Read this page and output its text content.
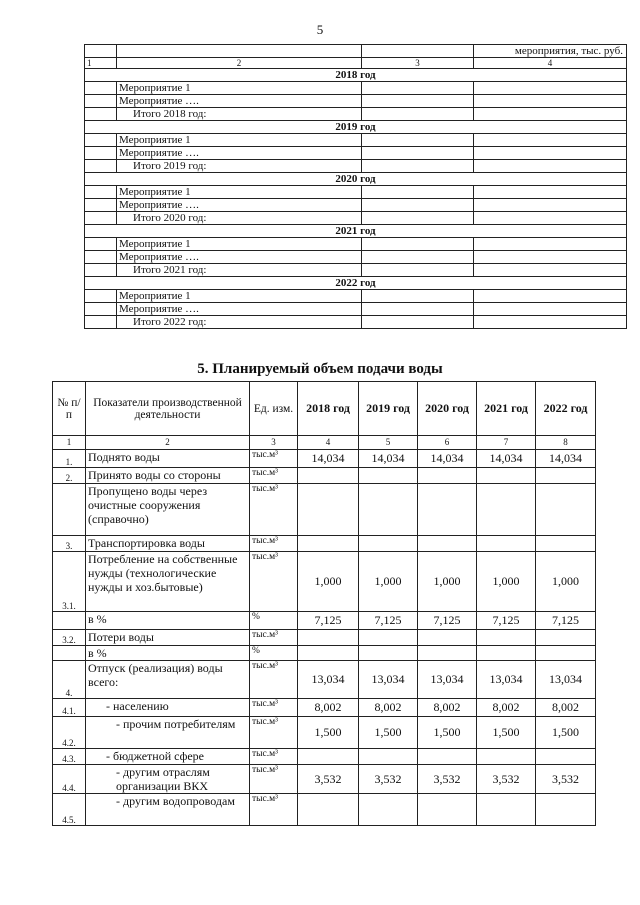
5
			мероприятия, тыс. руб.
1	2	3	4
2018 год			
	Мероприятие 1		
	Мероприятие ….		
	Итого 2018 год:		
2019 год			
	Мероприятие 1		
	Мероприятие ….		
	Итого 2019 год:		
2020 год			
	Мероприятие 1		
	Мероприятие ….		
	Итого 2020 год:		
2021 год			
	Мероприятие 1		
	Мероприятие ….		
	Итого 2021 год:		
2022 год			
	Мероприятие 1		
	Мероприятие ….		
	Итого 2022 год:		
5. Планируемый объем подачи воды
№ п/п	Показатели производственной деятельности	Ед. изм.	2018 год	2019 год	2020 год	2021 год	2022 год
1	2	3	4	5	6	7	8
1.	Поднято воды	тыс.м³	14,034	14,034	14,034	14,034	14,034
2.	Принято воды со стороны	тыс.м³					
	Пропущено воды через очистные сооружения (справочно)	тыс.м³					
3.	Транспортировка воды	тыс.м³					
3.1.	Потребление на собственные нужды (технологические нужды и хоз.бытовые)	тыс.м³	1,000	1,000	1,000	1,000	1,000
	в %	%	7,125	7,125	7,125	7,125	7,125
3.2.	Потери воды	тыс.м³					
	в %	%					
4.	Отпуск (реализация) воды всего:	тыс.м³	13,034	13,034	13,034	13,034	13,034
4.1.	- населению	тыс.м³	8,002	8,002	8,002	8,002	8,002
4.2.	- прочим потребителям	тыс.м³	1,500	1,500	1,500	1,500	1,500
4.3.	- бюджетной сфере	тыс.м³					
4.4.	- другим отраслям организации ВКХ	тыс.м³	3,532	3,532	3,532	3,532	3,532
4.5.	- другим водопроводам	тыс.м³					
